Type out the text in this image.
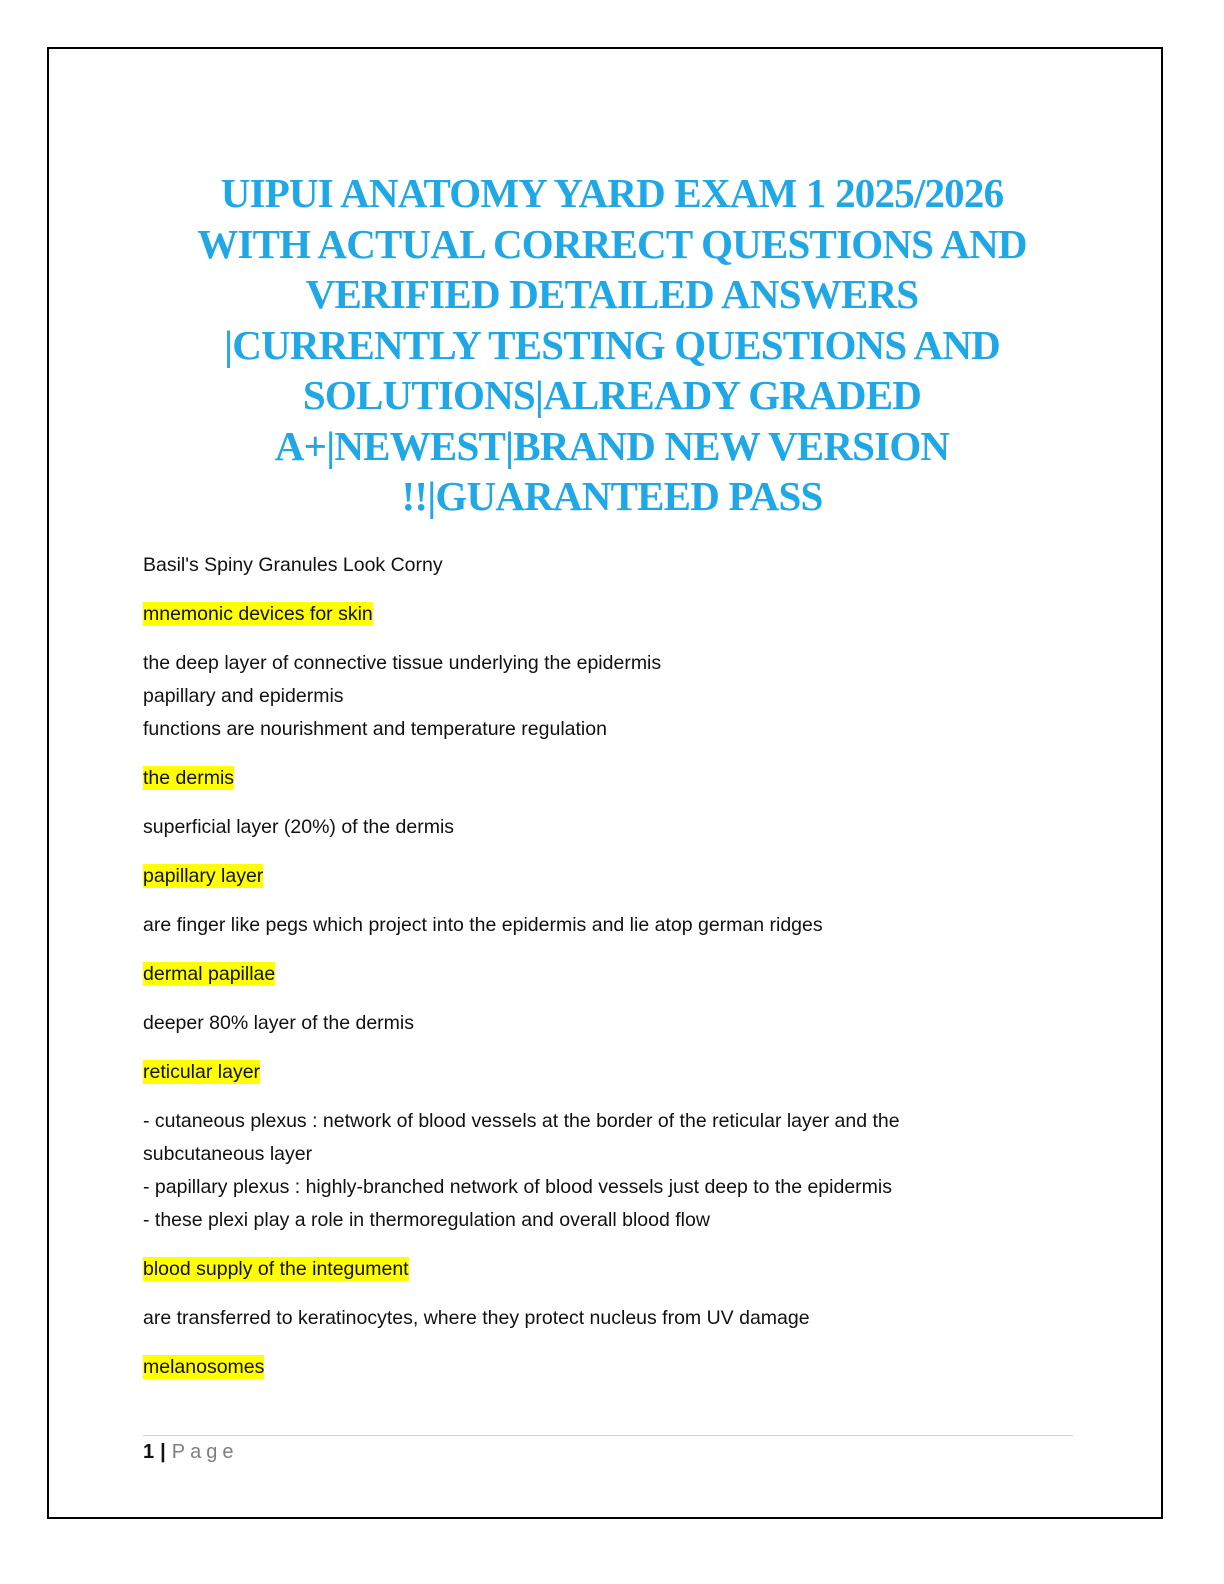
UIPUI ANATOMY YARD EXAM 1 2025/2026
WITH ACTUAL CORRECT QUESTIONS AND
VERIFIED DETAILED ANSWERS
|CURRENTLY TESTING QUESTIONS AND
SOLUTIONS|ALREADY GRADED
A+|NEWEST|BRAND NEW VERSION
!!|GUARANTEED PASS
Basil's Spiny Granules Look Corny
mnemonic devices for skin
the deep layer of connective tissue underlying the epidermis
papillary and epidermis
functions are nourishment and temperature regulation
the dermis
superficial layer (20%) of the dermis
papillary layer
are finger like pegs which project into the epidermis and lie atop german ridges
dermal papillae
deeper 80% layer of the dermis
reticular layer
- cutaneous plexus : network of blood vessels at the border of the reticular layer and the
subcutaneous layer
- papillary plexus : highly-branched network of blood vessels just deep to the epidermis
- these plexi play a role in thermoregulation and overall blood flow
blood supply of the integument
are transferred to keratinocytes, where they protect nucleus from UV damage
melanosomes
1 | Page
